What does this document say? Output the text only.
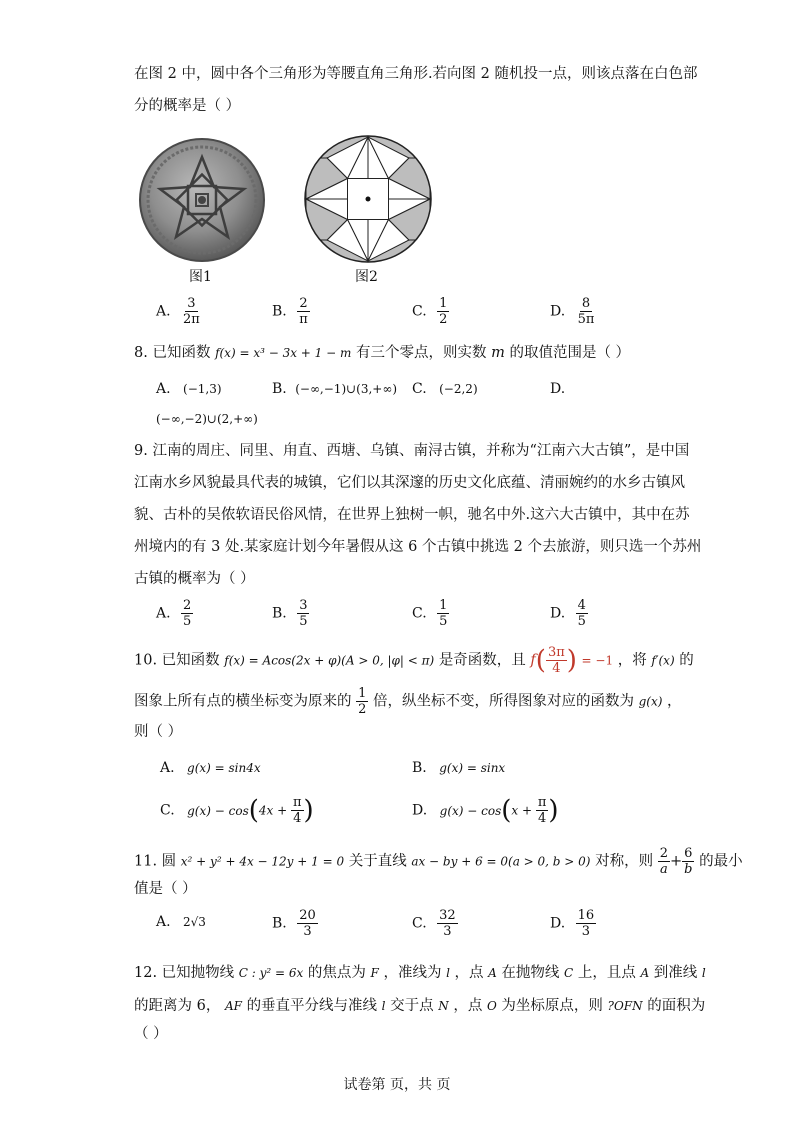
在图 2 中，圆中各个三角形为等腰直角三角形.若向图 2 随机投一点，则该点落在白色部
分的概率是（ ）
图1	图2
A. $\frac{3}{2\pi}$	B. $\frac{2}{\pi}$	C. $\frac{1}{2}$	D. $\frac{8}{5\pi}$
8. 已知函数 f(x) = x³ − 3x + 1 − m 有三个零点，则实数 m 的取值范围是（ ）
A. (−1,3)	B. (−∞,−1)∪(3,+∞) C. (−2,2)	D.
(−∞,−2)∪(2,+∞)
9. 江南的周庄、同里、甪直、西塘、乌镇、南浔古镇，并称为“江南六大古镇”，是中国
江南水乡风貌最具代表的城镇，它们以其深邃的历史文化底蕴、清丽婉约的水乡古镇风
貌、古朴的吴侬软语民俗风情，在世界上独树一帜，驰名中外.这六大古镇中，其中在苏
州境内的有 3 处.某家庭计划今年暑假从这 6 个古镇中挑选 2 个去旅游，则只选一个苏州
古镇的概率为（ ）
A. $\frac{2}{5}$	B. $\frac{3}{5}$	C. $\frac{1}{5}$	D. $\frac{4}{5}$
10. 已知函数 f(x) = Acos(2x + φ)(A > 0, |φ| < π) 是奇函数，且 $f( \frac{3\pi}{4}$ ) = −1 ，将 f′(x) 的
图象上所有点的横坐标变为原来的 $\frac{1}{2}$ 倍，纵坐标不变，所得图象对应的函数为 g(x) ，
则（ ）
A. g(x) = sin4x	B. g(x) = sinx
C. $g(x) - \cos(4x + \frac{\pi}{4}$ )	D. $g(x) - \cos(x + \frac{\pi}{4}$ )
11. 圆 x² + y² + 4x − 12y + 1 = 0 关于直线 ax − by + 6 = 0(a > 0, b > 0) 对称，则 $\frac{2}{a} + \frac{6}{b}$ 的最小
值是（ ）
A. 2√3	B. $\frac{20}{3}$	C. $\frac{32}{3}$	D. $\frac{16}{3}$
12. 已知抛物线 C : y² = 6x 的焦点为 F ，准线为 l ，点 A 在抛物线 C 上，且点 A 到准线 l
的距离为 6， AF 的垂直平分线与准线 l 交于点 N ，点 O 为坐标原点，则 ?OFN 的面积为
（ ）
试卷第 页，共 页
